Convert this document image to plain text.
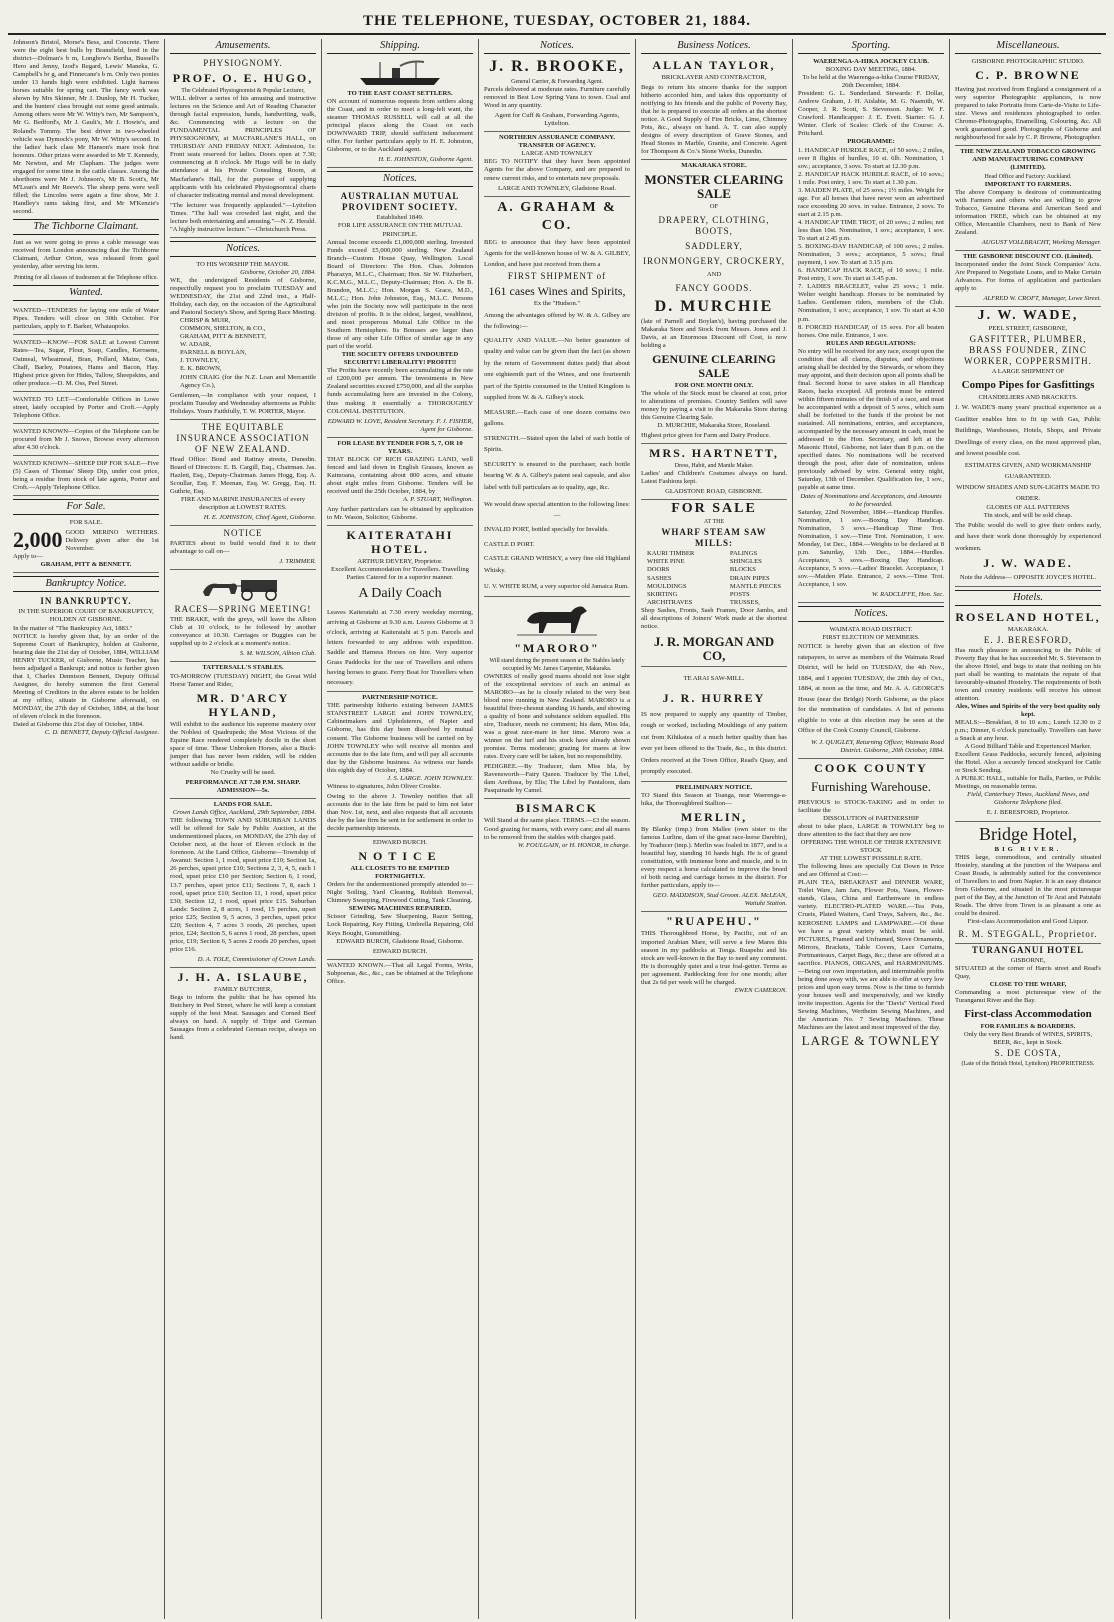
THE TELEPHONE, TUESDAY, OCTOBER 21, 1884.
Johnson's Bristol, Morse's Bess, and Concrete. There were the eight best bulls by Bransfield, bred in the district—Dolman's b m, Longbow's Bertha, Bussell's Hero and Jenny, Izod's Regard, Lewis' Maneka, G. Campbell's br g, and Finnecane's b m. Only two ponies under 13 hands high were exhibited. Light harness horses suitable for spring cart. The fancy work was shown by Mrs Skinner, Mr J. Dunlop, Mr H. Tucker, and the hunters' class brought out some good animals. Among others were Mr W. Witty's two, Mr Sampson's, Mr G. Bedford's, Mr J. Gault's, Mr J. Howie's, and Roland's Tommy. The best driver in two-wheeled vehicle was Dymock's pony, Mr W. Witty's second. In the ladies' hack class Mr Hanson's mare took first honours. Other prizes were awarded to Mr T. Kennedy, Mr Newton, and Mr Clapham. The judges were engaged for some time in the cattle classes. Among the shorthorns were Mr J. Johnson's, Mr B. Scott's, Mr M'Lean's and Mr Reeve's. The sheep pens were well filled; the Lincolns were again a fine show, Mr J. Handley's rams taking first, and Mr M'Kenzie's second.
The Tichborne Claimant.
Just as we were going to press a cable message was received from London announcing that the Tichborne Claimant, Arthur Orton, was released from gaol yesterday, after serving his term.
Printing for all classes of tradesmen at the Telephone office.
Wanted.
WANTED—TENDERS for laying one mile of Water Pipes. Tenders will close on 30th October. For particulars, apply to F. Barker, Whataupoko.
WANTED—KNOW—FOR SALE at Lowest Current Rates—Tea, Sugar, Flour, Soap, Candles, Kerosene, Oatmeal, Wheatmeal, Bran, Pollard, Maize, Oats, Chaff, Barley, Potatoes, Hams and Bacon, Hay. Highest price given for Hides, Tallow, Sheepskins, and other produce.—D. M. Oss, Peel Street.
WANTED TO LET—Comfortable Offices in Lowe street, lately occupied by Porter and Croft.—Apply Telephone Office.
WANTED KNOWN—Copies of the Telephone can be procured from Mr J. Snowe, Browse every afternoon after 4.30 o'clock.
WANTED KNOWN—SHEEP DIP FOR SALE—Five (5) Cases of Thomas' Sheep Dip, under cost price, being a residue from stock of late agents, Porter and Croft.—Apply Telephone Office.
For Sale.
FOR SALE.
2,000 GOOD MERINO WETHERS. Delivery given after the 1st November.
Apply to—
GRAHAM, PITT & BENNETT.
Bankruptcy Notice.
IN BANKRUPTCY.
IN THE SUPERIOR COURT OF BANKRUPTCY, HOLDEN AT GISBORNE.
In the matter of "The Bankruptcy Act, 1883."
NOTICE is hereby given that, by an order of the Supreme Court of Bankruptcy, holden at Gisborne, bearing date the 21st day of October, 1884, WILLIAM HENRY TUCKER, of Gisborne, Music Teacher, has been adjudged a Bankrupt; and notice is further given that I, Charles Dennison Bennett, Deputy Official Assignee, do hereby summon the first General Meeting of Creditors in the above estate to be holden at my office, situate in Gisborne aforesaid, on MONDAY, the 27th day of October, 1884, at the hour of eleven o'clock in the forenoon.
Dated at Gisborne this 21st day of October, 1884.
C. D. BENNETT, Deputy Official Assignee.
Amusements.
PHYSIOGNOMY.
PROF. O. E. HUGO,
The Celebrated Physiognomist & Popular Lecturer,
WILL deliver a series of his amusing and instructive lectures on the Science and Art of Reading Character through facial expression, hands, handwriting, walk, &c. Commencing with a lecture on the FUNDAMENTAL PRINCIPLES OF PHYSIOGNOMY, at MACFARLANE'S HALL, on THURSDAY AND FRIDAY NEXT. Admission, 1s: Front seats reserved for ladies. Doors open at 7.30; commencing at 8 o'clock. Mr Hugo will be in daily attendance at his Private Consulting Room, at Macfarlane's Hall, for the purpose of supplying applicants with his celebrated Physiognomical charts of character indicating mental and moral development.
"The lecturer was frequently applauded."—Lyttelton Times. "The hall was crowded last night, and the lecture both entertaining and amusing."—N. Z. Herald. "A highly instructive lecture."—Christchurch Press.
Notices.
TO HIS WORSHIP THE MAYOR.
Gisborne, October 20, 1884.
WE, the undersigned Residents of Gisborne, respectfully request you to proclaim TUESDAY and WEDNESDAY, the 21st and 22nd inst., a Half-Holiday, each day, on the occasion of the Agricultural and Pastoral Society's Show, and Spring Race Meeting.
CHRISP & MUIR,
COMMON, SHELTON, & CO.,
GRAHAM, PITT & BENNETT,
W. ADAIR,
PARNELL & BOYLAN,
J. TOWNLEY,
E. K. BROWN,
JOHN CRAIG (for the N.Z. Loan and Mercantile Agency Co.),
Gentlemen,—In compliance with your request, I proclaim Tuesday and Wednesday afternoons as Public Holidays. Yours Faithfully, T. W. PORTER, Mayor.
THE EQUITABLE INSURANCE ASSOCIATION OF NEW ZEALAND.
Head Office: Bond and Rattray streets, Dunedin. Board of Directors: E. B. Cargill, Esq., Chairman. Jas. Hazlett, Esq., Deputy-Chairman. James Hogg, Esq. A. Scoullar, Esq. F. Meenan, Esq. W. Gregg, Esq. H. Guthrie, Esq.
FIRE AND MARINE INSURANCES of every description at LOWEST RATES.
H. E. JOHNSTON, Chief Agent, Gisborne.
NOTICE
PARTIES about to build would find it to their advantage to call on—
J. TRIMMER.
RACES—SPRING MEETING!
THE BRAKE, with the greys, will leave the Albion Club at 10 o'clock, to be followed by another conveyance at 10.30. Carriages or Buggies can be supplied up to 2 o'clock at a moment's notice.
S. M. WILSON, Albion Club.
TATTERSALL'S STABLES.
TO-MORROW (TUESDAY) NIGHT, the Great Wild Horse Tamer and Rider,
MR. D'ARCY HYLAND,
Will exhibit to the audience his supreme mastery over the Noblest of Quadrupeds; the Most Vicious of the Equine Race rendered completely docile in the short space of time. These Unbroken Horses, also a Buck-jumper that has never been ridden, will be ridden without saddle or bridle.
No Cruelty will be used.
PERFORMANCE AT 7.30 P.M. SHARP. ADMISSION—5s.
LANDS FOR SALE.
Crown Lands Office, Auckland, 29th September, 1884.
THE following TOWN AND SUBURBAN LANDS will be offered for Sale by Public Auction, at the undermentioned places, on MONDAY, the 27th day of October next, at the hour of Eleven o'clock in the forenoon. At the Land Office, Gisborne—Township of Awanui: Section 1, 1 rood, upset price £10; Section 1a, 26 perches, upset price £10; Sections 2, 3, 4, 5, each 1 rood, upset price £10 per Section; Section 6, 1 rood, 13.7 perches, upset price £11; Sections 7, 8, each 1 rood, upset price £10; Section 11, 1 rood, upset price £30; Section 12, 1 rood, upset price £15. Suburban Lands: Section 2, 8 acres, 1 rood, 15 perches, upset price £25; Section 9, 5 acres, 3 perches, upset price £20; Section 4, 7 acres 3 roods, 26 perches, upset price, £24; Section 5, 6 acres 1 rood, 28 perches, upset price, £19; Section 6, 5 acres 2 roods 20 perches, upset price £16.
D. A. TOLE, Commissioner of Crown Lands.
J. H. A. ISLAUBE,
FAMILY BUTCHER,
Begs to inform the public that he has opened his Butchery in Peel Street, where he will keep a constant supply of the best Meat. Sausages and Corned Beef always on hand. A supply of Tripe and German Sausages from a celebrated German recipe, always on hand.
Shipping.
TO THE EAST COAST SETTLERS.
ON account of numerous requests from settlers along the Coast, and in order to meet a long-felt want, the steamer THOMAS RUSSELL will call at all the principal places along the Coast on each DOWNWARD TRIP, should sufficient inducement offer. For further particulars apply to H. E. Johnston, Gisborne, or to the Auckland agent.
H. E. JOHNSTON, Gisborne Agent.
Notices.
AUSTRALIAN MUTUAL PROVIDENT SOCIETY.
Established 1849.
FOR LIFE ASSURANCE ON THE MUTUAL PRINCIPLE.
Annual Income exceeds £1,000,000 sterling. Invested Funds exceed £5,000,000 sterling. New Zealand Branch—Custom House Quay, Wellington. Local Board of Directors: The Hon. Chas. Johnston Pharazyn, M.L.C., Chairman; Hon. Sir W. Fitzherbert, K.C.M.G., M.L.C., Deputy-Chairman; Hon. A. De B. Brandon, M.L.C.; Hon. Morgan S. Grace, M.D., M.L.C.; Hon. John Johnston, Esq., M.L.C. Persons who join the Society now will participate in the next division of profits. It is the oldest, largest, wealthiest, and most prosperous Mutual Life Office in the Southern Hemisphere. Its Bonuses are larger than those of any other Life Office of similar age in any part of the world.
THE SOCIETY OFFERS UNDOUBTED SECURITY! LIBERALITY! PROFIT!!
The Profits have recently been accumulating at the rate of £200,000 per annum. The investments in New Zealand securities exceed £750,000, and all the surplus funds accumulating here are invested in the Colony, thus making it essentially a THOROUGHLY COLONIAL INSTITUTION.
EDWARD W. LOVE, Resident Secretary. F. J. FISHER, Agent for Gisborne.
FOR LEASE BY TENDER FOR 5, 7, OR 10 YEARS.
THAT BLOCK OF RICH GRAZING LAND, well fenced and laid down in English Grasses, known as Kaimoana, containing about 800 acres, and situate about eight miles from Gisborne. Tenders will be received until the 25th October, 1884, by
A. P. STUART, Wellington.
Any further particulars can be obtained by application to Mr. Wason, Solicitor, Gisborne.
KAITERATAHI HOTEL.
ARTHUR DEVERY, Proprietor.
Excellent Accommodation for Travellers. Travelling Parties Catered for in a superior manner.
A Daily Coach
Leaves Kaiteratahi at 7.30 every weekday morning, arriving at Gisborne at 9.30 a.m. Leaves Gisborne at 3 o'clock, arriving at Kaiteratahi at 5 p.m. Parcels and letters forwarded to any address with expedition. Saddle and Harness Horses on hire. Very superior Grass Paddocks for the use of Travellers and others having horses to graze. Ferry Boat for Travellers when necessary.
PARTNERSHIP NOTICE.
THE partnership hitherto existing between JAMES STANSTREET LARGE and JOHN TOWNLEY, Cabinetmakers and Upholsterers, of Napier and Gisborne, has this day been dissolved by mutual consent. The Gisborne business will be carried on by JOHN TOWNLEY who will receive all monies and accounts due to the late firm, and will pay all accounts due by the Gisborne business. As witness our hands this eighth day of October, 1884.
J. S. LARGE. JOHN TOWNLEY.
Witness to signatures, John Oliver Crosbie.
Owing to the above J. Townley notifies that all accounts due to the late firm be paid to him not later than Nov. 1st, next, and also requests that all accounts due by the late firm be sent in for settlement in order to decide partnership interests.
EDWARD BURCH.
NOTICE
ALL CLOSETS TO BE EMPTIED FORTNIGHTLY.
Orders for the undermentioned promptly attended to—Night Soiling, Yard Cleaning, Rubbish Removal, Chimney Sweeping, Firewood Cutting, Tank Cleaning.
SEWING MACHINES REPAIRED.
Scissor Grinding, Saw Sharpening, Razor Setting, Lock Repairing, Key Fitting, Umbrella Repairing, Old Keys Bought, Gunsmithing.
EDWARD BURCH, Gladstone Road, Gisborne.
EDWARD BURCH.
WANTED KNOWN.—That all Legal Forms, Writs, Subpoenas, &c., &c., can be obtained at the Telephone Office.
Notices.
J. R. BROOKE,
General Carrier, & Forwarding Agent.
Parcels delivered at moderate rates. Furniture carefully removed in Best Low Spring Vans to town. Coal and Wood in any quantity.
Agent for Cuff & Graham, Forwarding Agents, Lyttelton.
NORTHERN ASSURANCE COMPANY.
TRANSFER OF AGENCY.
LARGE AND TOWNLEY
BEG TO NOTIFY that they have been appointed Agents for the above Company, and are prepared to renew current risks, and to entertain new proposals.
LARGE AND TOWNLEY, Gladstone Road.
A. GRAHAM & CO.
BEG to announce that they have been appointed Agents for the well-known house of W. & A. GILBEY, London, and have just received from them a
FIRST SHIPMENT of
161 cases Wines and Spirits,
Ex the "Hudson."
Among the advantages offered by W. & A. Gilbey are the following:—
QUALITY AND VALUE.—No better guarantee of quality and value can be given than the fact (as shown by the return of Government duties paid) that about one eighteenth part of the Wines, and one fourteenth part of the Spirits consumed in the United Kingdom is supplied from W. & A. Gilbey's stock.
MEASURE.—Each case of one dozen contains two gallons.
STRENGTH.—Stated upon the label of each bottle of Spirits.
SECURITY is ensured to the purchaser, each bottle bearing W. & A. Gilbey's patent seal capsule, and also label with full particulars as to quality, age, &c.
We would draw special attention to the following lines:—
INVALID PORT, bottled specially for Invalids.
CASTLE D PORT.
CASTLE GRAND WHISKY, a very fine old Highland Whisky.
U. V. WHITE RUM, a very superior old Jamaica Rum.
"MARORO"
Will stand during the present season at the Stables lately occupied by Mr. James Carpenter, Makaraka.
OWNERS of really good mares should not lose sight of the exceptional services of such an animal as MARORO—as he is closely related to the very best blood now running in New Zealand. MARORO is a beautiful fiver-chesnut standing 16 hands, and showing a quality of bone and substance seldom equalled. His sire, Traducer, needs no comment; his dam, Miss Ida, was a great race-mare in her time. Maroro was a winner on the turf and his stock have already shown promise. Terms moderate; grazing for mares at low rates. Every care will be taken, but no responsibility.
PEDIGREE.—By Traducer, dam Miss Ida, by Ravensworth—Fairy Queen. Traducer by The Libel, dam Arethusa, by Elis; The Libel by Pantaloon, dam Pasquinade by Camel.
BISMARCK
Will Stand at the same place. TERMS.—£3 the season. Good grazing for mares, with every care; and all mares to be removed from the stables with charges paid.
W. FOULGAIN, or H. HONOR, in charge.
Business Notices.
ALLAN TAYLOR,
BRICKLAYER AND CONTRACTOR,
Begs to return his sincere thanks for the support hitherto accorded him, and takes this opportunity of notifying to his friends and the public of Poverty Bay, that he is prepared to execute all orders at the shortest notice. A Good Supply of Fire Bricks, Lime, Chimney Pots, &c., always on hand. A. T. can also supply designs of every description of Grave Stones, and Head Stones in Marble, Granite, and Concrete. Agent for Thompson & Co.'s Stone Works, Dunedin.
MAKARAKA STORE.
MONSTER CLEARING SALE
OF
DRAPERY, CLOTHING, BOOTS,
SADDLERY,
IRONMONGERY, CROCKERY,
AND
FANCY GOODS.
D. MURCHIE
(late of Parnell and Boylan's), having purchased the Makaraka Store and Stock from Messrs. Jones and J. Davis, at an Enormous Discount off Cost, is now holding a
GENUINE CLEARING SALE
FOR ONE MONTH ONLY.
The whole of the Stock must be cleared at cost, prior to alterations of premises. Country Settlers will save money by paying a visit to the Makaraka Store during this Genuine Clearing Sale.
D. MURCHIE, Makaraka Store, Roseland.
Highest price given for Farm and Dairy Produce.
MRS. HARTNETT,
Dress, Habit, and Mantle Maker.
Ladies' and Children's Costumes always on hand. Latest Fashions kept.
GLADSTONE ROAD, GISBORNE.
FOR SALE
AT THE
WHARF STEAM SAW MILLS:
KAURI TIMBER
WHITE PINE
DOORS
SASHES
MOULDINGS
SKIRTING
ARCHITRAVES
PALINGS
SHINGLES
BLOCKS
DRAIN PIPES
MANTLE PIECES
POSTS
TRUSSES,
Shop Sashes, Fronts, Sash Frames, Door Jambs, and all descriptions of Joiners' Work made at the shortest notice.
J. R. MORGAN AND CO,
TE ARAI SAW-MILL.
J. R. HURREY
IS now prepared to supply any quantity of Timber, rough or worked, including Mouldings of any pattern cut from Kihikatea of a much better quality than has ever yet been offered to the Trade, &c., in this district. Orders received at the Town Office, Read's Quay, and promptly executed.
PRELIMINARY NOTICE.
TO Stand this Season at Toanga, near Waerenga-a-hika, the Thoroughbred Stallion—
MERLIN,
By Blanky (imp.) from Mallee (own sister to the famous Lurline, dam of the great race-horse Darebin), by Traducer (imp.). Merlin was foaled in 1877, and is a beautiful bay, standing 16 hands high. He is of grand constitution, with immense bone and muscle, and is in every respect a horse calculated to improve the breed of both racing and carriage horses in the district. For further particulars, apply to—
GEO. MADDISON, Stud Groom. ALEX. McLEAN, Waituhi Station.
"RUAPEHU."
THIS Thoroughbred Horse, by Pacific, out of an imported Arabian Mare, will serve a few Mares this season in my paddocks at Tonga. Ruapehu and his stock are well-known in the Bay to need any comment. He is thoroughly quiet and a true foal-getter. Terms as per agreement. Paddocking free for one month; after that 2s 6d per week will be charged.
EWEN CAMERON.
Sporting.
WAERENGA-A-HIKA JOCKEY CLUB.
BOXING DAY MEETING, 1884.
To be held at the Waerenga-a-hika Course FRIDAY, 26th December, 1884.
President: G. L. Sunderland. Stewards: F. Dollar, Andrew Graham, J. H. Aislabie, M. G. Nasmith, W. Cooper, J. R. Scott, S. Stevenson. Judge: W. F. Crawford. Handicapper: J. E. Evett. Starter: G. J. Winter. Clerk of Scales: Clerk of the Course: A. Pritchard.
PROGRAMME:
1. HANDICAP HURDLE RACE, of 50 sovs.; 2 miles, over 8 flights of hurdles, 10 st. 6lb. Nomination, 1 sov.; acceptance, 3 sovs. To start at 12.30 p.m.
2. HANDICAP HACK HURDLE RACE, of 10 sovs.; 1 mile. Post entry, 1 sov. To start at 1.30 p.m.
3. MAIDEN PLATE, of 25 sovs.; 1½ miles. Weight for age. For all horses that have never won an advertised race exceeding 20 sovs. in value. Entrance, 2 sovs. To start at 2.15 p.m.
4. HANDICAP TIME TROT, of 20 sovs.; 2 miles; not less than 10st. Nomination, 1 sov.; acceptance, 1 sov. To start at 2.45 p.m.
5. BOXING-DAY HANDICAP, of 100 sovs.; 2 miles. Nomination, 3 sovs.; acceptance, 5 sovs.; final payment, 1 sov. To start at 3.15 p.m.
6. HANDICAP HACK RACE, of 10 sovs.; 1 mile. Post entry, 1 sov. To start at 3.45 p.m.
7. LADIES BRACELET, value 25 sovs.; 1 mile. Welter weight handicap. Horses to be nominated by Ladies. Gentlemen riders, members of the Club. Nomination, 1 sov.; acceptance, 1 sov. To start at 4.30 p.m.
8. FORCED HANDICAP, of 15 sovs. For all beaten horses. One mile. Entrance, 1 sov.
RULES AND REGULATIONS:
No entry will be received for any race, except upon the condition that all claims, disputes, and objections arising shall be decided by the Stewards, or whom they may appoint, and their decision upon all points shall be final. Second horse to save stakes in all Handicap Races, hacks excepted. All protests must be entered within fifteen minutes of the finish of a race, and must be accompanied with a deposit of 5 sovs., which sum shall be forfeited to the funds if the protest be not sustained. All nominations, entries, and acceptances, accompanied by the necessary amount in cash, must be addressed to the Hon. Secretary, and left at the Masonic Hotel, Gisborne, not later than 8 p.m. on the specified dates. No nominations will be received through the post, after date of nomination, unless previously advised by wire. General entry night, Saturday, 13th of December. Qualification fee, 1 sov., payable at same time.
Dates of Nominations and Acceptances, and Amounts to be forwarded.
Saturday, 22nd November, 1884.—Handicap Hurdles. Nomination, 1 sov.—Boxing Day Handicap. Nomination, 3 sovs.—Handicap Time Trot. Nomination, 1 sov.—Time Trot. Nomination, 1 sov. Monday, 1st Dec., 1884.—Weights to be declared at 8 p.m. Saturday, 13th Dec., 1884.—Hurdles. Acceptance, 3 sovs.—Boxing Day Handicap. Acceptance, 5 sovs.—Ladies' Bracelet. Acceptance, 1 sov.—Maiden Plate. Entrance, 2 sovs.—Time Trot. Acceptance, 1 sov.
W. RADCLIFFE, Hon. Sec.
Notices.
WAIMATA ROAD DISTRICT.
FIRST ELECTION OF MEMBERS.
NOTICE is hereby given that an election of five ratepayers, to serve as members of the Waimata Road District, will be held on TUESDAY, the 4th Nov., 1884, and I appoint TUESDAY, the 28th day of Oct., 1884, at noon as the time, and Mr. A. A. GEORGE'S House (near the Bridge) North Gisborne, as the place for the nomination of candidates. A list of persons eligible to vote at this election may be seen at the Office of the Cook County Council, Gisborne.
W. J. QUIGLEY, Returning Officer, Waimata Road District. Gisborne, 20th October, 1884.
COOK COUNTY
Furnishing Warehouse.
PREVIOUS to STOCK-TAKING and in order to facilitate the
DISSOLUTION of PARTNERSHIP
about to take place, LARGE & TOWNLEY beg to draw attention to the fact that they are now
OFFERING THE WHOLE OF THEIR EXTENSIVE STOCK
AT THE LOWEST POSSIBLE RATE.
The following lines are specially Cut Down in Price and are Offered at Cost:—
PLAIN TEA, BREAKFAST and DINNER WARE, Toilet Ware, Jam Jars, Flower Pots, Vases, Flower-stands, Glass, China and Earthenware in endless variety. ELECTRO-PLATED WARE.—Tea Pots, Cruets, Plated Waiters, Card Trays, Salvers, &c., &c. KEROSENE LAMPS and LAMPWARE.—Of these we have a great variety which must be sold. PICTURES, Framed and Unframed, Stove Ornaments, Mirrors, Brackets, Table Covers, Lace Curtains, Portmanteaux, Carpet Bags, &c.; these are offered at a sacrifice. PIANOS, ORGANS, and HARMONIUMS.—Being our own importation, and interminable profits being done away with, we are able to offer at very low prices and upon easy terms. Now is the time to furnish your houses well and inexpensively, and we kindly invite inspection. Agents for the "Davis" Vertical Feed Sewing Machines, Wertheim Sewing Machines, and the American No. 7 Sewing Machines. These Machines are the latest and most improved of the day.
LARGE & TOWNLEY
Miscellaneous.
GISBORNE PHOTOGRAPHIC STUDIO.
C. P. BROWNE
Having just received from England a consignment of a very superior Photographic appliances, is now prepared to take Portraits from Carte-de-Visite to Life-size. Views and residences photographed to order. Chromo-Photographs, Enamelling, Colouring, &c. All work guaranteed good. Photographs of Gisborne and neighbourhood for sale by C. P. Browne, Photographer.
THE NEW ZEALAND TOBACCO GROWING AND MANUFACTURING COMPANY (LIMITED).
Head Office and Factory: Auckland.
IMPORTANT TO FARMERS.
The above Company is desirous of communicating with Farmers and others who are willing to grow Tobacco, Genuine Havana and American Seed and information FREE, which can be obtained at my Office, Mercantile Chambers, next to Bank of New Zealand.
AUGUST VOLLBRACHT, Working Manager.
THE GISBORNE DISCOUNT CO. (Limited).
Incorporated under the Joint Stock Companies' Acts. Are Prepared to Negotiate Loans, and to Make Certain Advances. For forms of application and particulars apply to
ALFRED W. CROFT, Manager, Lowe Street.
J. W. WADE,
PEEL STREET, GISBORNE,
GASFITTER, PLUMBER, BRASS FOUNDER, ZINC WORKER, COPPERSMITH.
A LARGE SHIPMENT OF
Compo Pipes for Gasfittings
CHANDELIERS AND BRACKETS.
J. W. WADE'S many years' practical experience as a Gasfitter enables him to fit up with Gas, Public Buildings, Warehouses, Hotels, Shops, and Private Dwellings of every class, on the most approved plan, and lowest possible cost.
ESTIMATES GIVEN, AND WORKMANSHIP GUARANTEED.
WINDOW SHADES AND SUN-LIGHTS MADE TO ORDER.
GLOBES OF ALL PATTERNS
Tin stock, and will be sold cheap.
The Public would do well to give their orders early, and have their work done thoroughly by experienced workmen.
J. W. WADE.
Note the Address— OPPOSITE JOYCE'S HOTEL.
Hotels.
ROSELAND HOTEL,
MAKARAKA.
E. J. BERESFORD,
Has much pleasure in announcing to the Public of Poverty Bay that he has succeeded Mr. S. Stevenson in the above Hotel, and begs to state that nothing on his part shall be wanting to maintain the repute of that favourably-situated Hostelry. The requirements of both town and country residents will receive his utmost attention.
Ales, Wines and Spirits of the very best quality only kept.
MEALS:—Breakfast, 8 to 10 a.m.; Lunch 12.30 to 2 p.m.; Dinner, 6 o'clock punctually. Travellers can have a Snack at any hour.
A Good Billiard Table and Experienced Marker.
Excellent Grass Paddocks, securely fenced, adjoining the Hotel. Also a securely fenced stockyard for Cattle or Stock Sending.
A PUBLIC HALL, suitable for Balls, Parties, or Public Meetings, on reasonable terms.
Field, Canterbury Times, Auckland News, and Gisborne Telephone filed.
E. J. BERESFORD, Proprietor.
Bridge Hotel,
BIG RIVER.
THIS large, commodious, and centrally situated Hostelry, standing at the junction of the Waipaoa and Coast Roads, is admirably suited for the convenience of Travellers to and from Napier. It is an easy distance from Gisborne, and situated in the most picturesque part of the Bay, at the Junction of Te Arai and Patutahi Roads. The drive from Town is as pleasant a one as could be desired.
First-class Accommodation and Good Liquor.
R. M. STEGGALL, Proprietor.
TURANGANUI HOTEL
GISBORNE,
SITUATED at the corner of Harris street and Read's Quay,
CLOSE TO THE WHARF,
Commanding a most picturesque view of the Turanganui River and the Bay.
First-class Accommodation
FOR FAMILIES & BOARDERS.
Only the very Best Brands of WINES, SPIRITS, BEER, &c., kept in Stock.
S. DE COSTA,
(Late of the British Hotel, Lyttelton) PROPRIETRESS.
